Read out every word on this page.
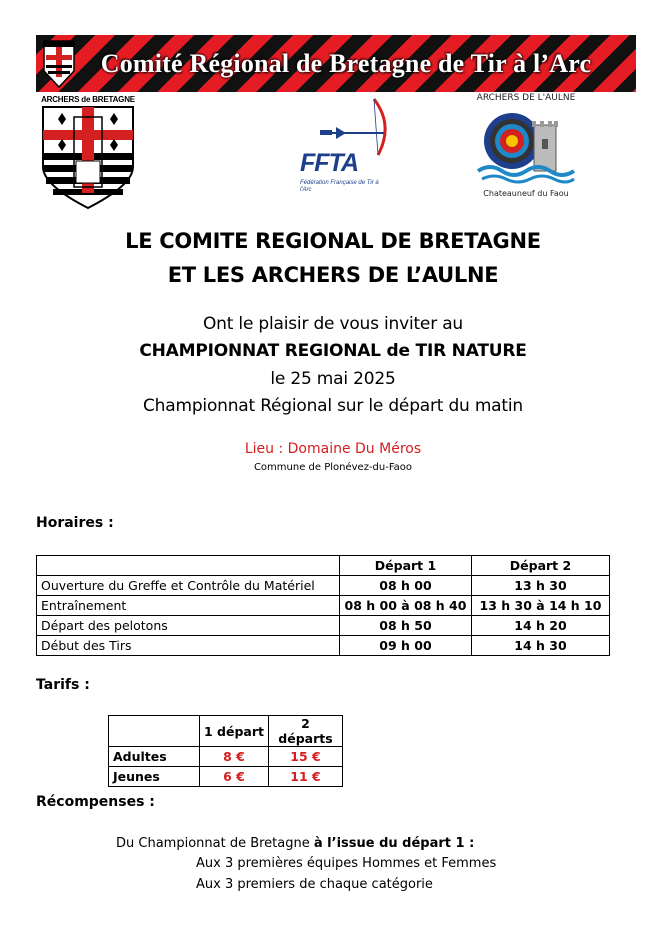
Comité Régional de Bretagne de Tir à l’Arc
ARCHERS de BRETAGNE
FFTA
Fédération Française de Tir à l'Arc
ARCHERS DE L'AULNE
Chateauneuf du Faou
LE COMITE REGIONAL DE BRETAGNE
ET LES ARCHERS DE L’AULNE
Ont le plaisir de vous inviter au
CHAMPIONNAT REGIONAL de TIR NATURE
le 25 mai 2025
Championnat Régional sur le départ du matin
Lieu : Domaine Du Méros
Commune de Plonévez-du-Faoo
Horaires :
	Départ 1	Départ 2
Ouverture du Greffe et Contrôle du Matériel	08 h 00	13 h 30
Entraînement	08 h 00 à 08 h 40	13 h 30 à 14 h 10
Départ des pelotons	08 h 50	14 h 20
Début des Tirs	09 h 00	14 h 30
Tarifs :
	1 départ	2 départs
Adultes	8 €	15 €
Jeunes	6 €	11 €
Récompenses :
Du Championnat de Bretagne à l’issue du départ 1 :
Aux 3 premières équipes Hommes et Femmes
Aux 3 premiers de chaque catégorie
